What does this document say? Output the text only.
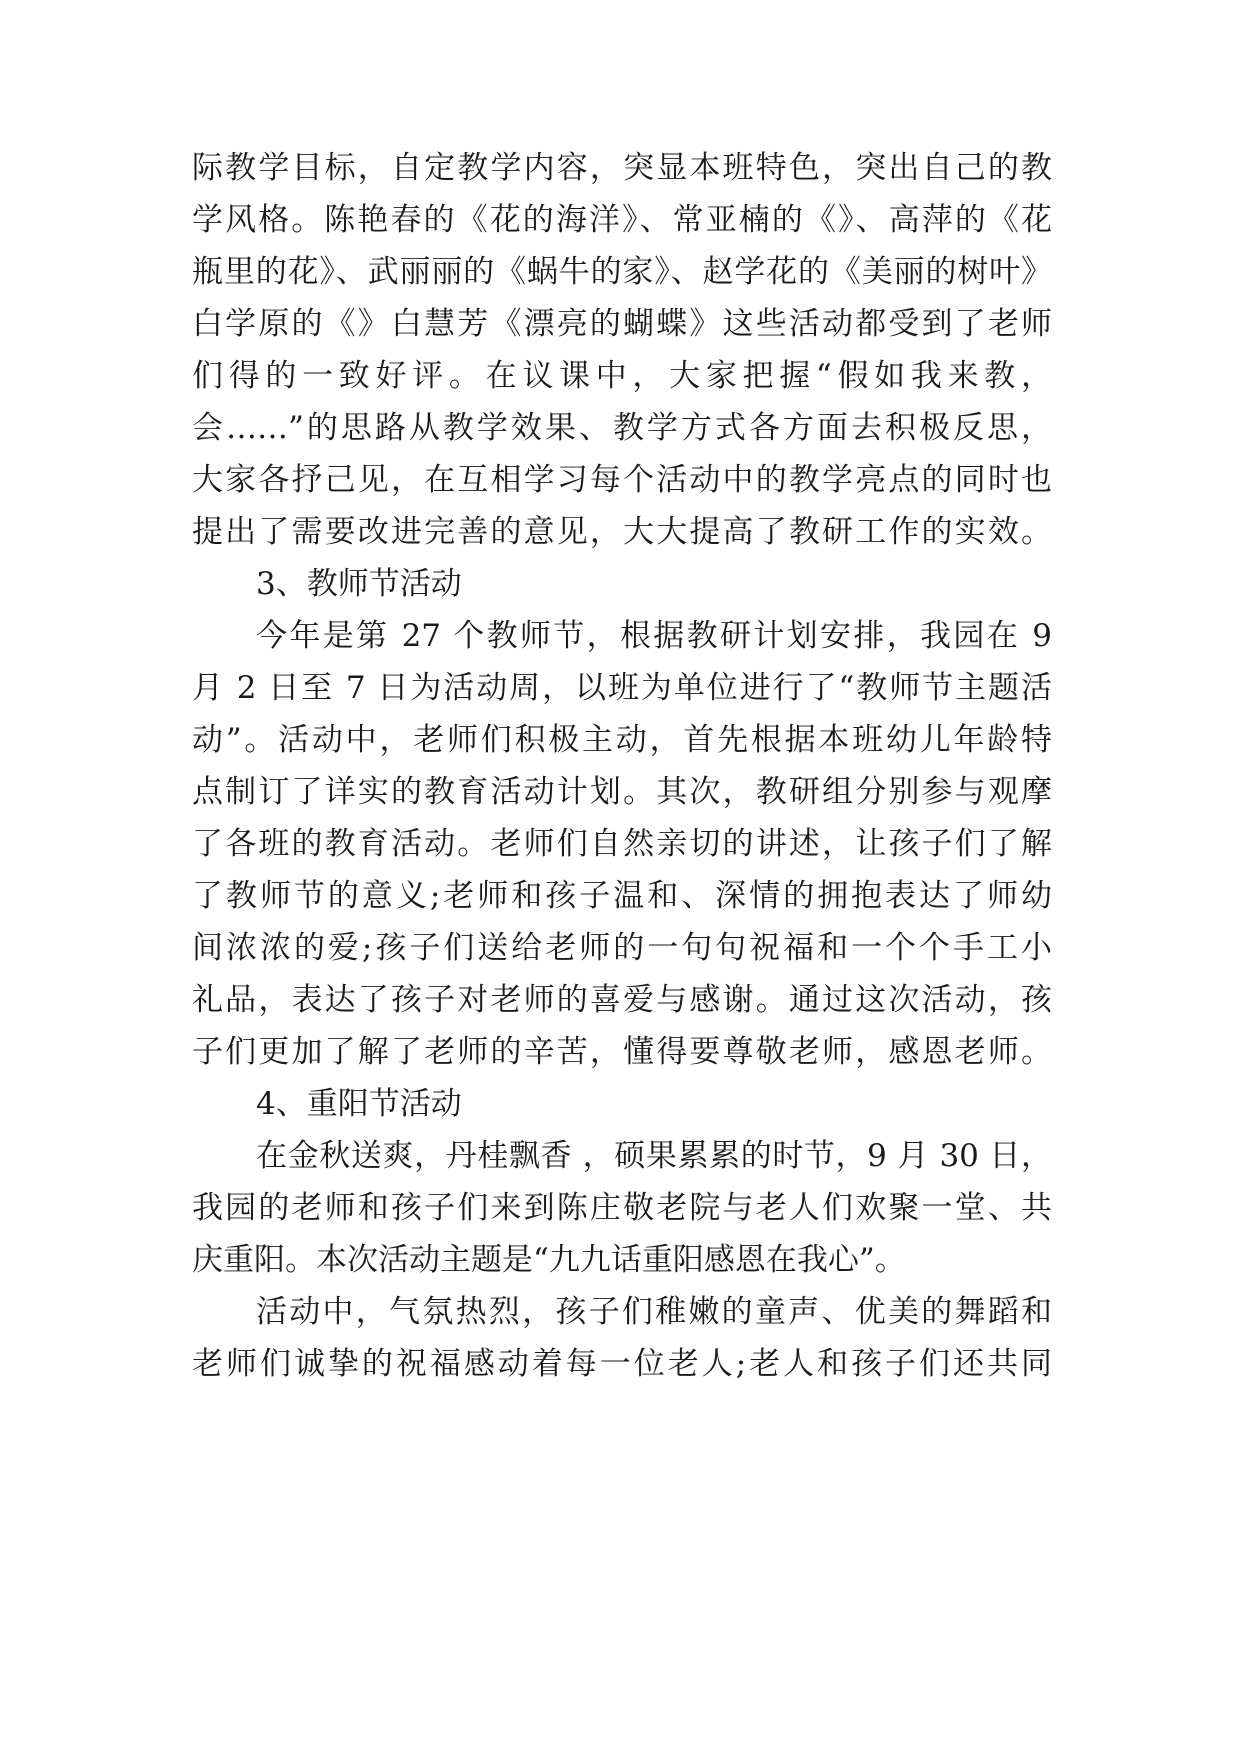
际教学目标，自定教学内容，突显本班特色，突出自己的教
学风格。陈艳春的《花的海洋》、常亚楠的《》、高萍的《花
瓶里的花》、武丽丽的《蜗牛的家》、赵学花的《美丽的树叶》
白学原的《》白慧芳《漂亮的蝴蝶》这些活动都受到了老师
们得的一致好评。在议课中，大家把握“假如我来教，
会……”的思路从教学效果、教学方式各方面去积极反思，
大家各抒己见，在互相学习每个活动中的教学亮点的同时也
提出了需要改进完善的意见，大大提高了教研工作的实效。
3、教师节活动
今年是第 27 个教师节，根据教研计划安排，我园在 9
月 2 日至 7 日为活动周，以班为单位进行了“教师节主题活
动”。活动中，老师们积极主动，首先根据本班幼儿年龄特
点制订了详实的教育活动计划。其次，教研组分别参与观摩
了各班的教育活动。老师们自然亲切的讲述，让孩子们了解
了教师节的意义;老师和孩子温和、深情的拥抱表达了师幼
间浓浓的爱;孩子们送给老师的一句句祝福和一个个手工小
礼品，表达了孩子对老师的喜爱与感谢。通过这次活动，孩
子们更加了解了老师的辛苦，懂得要尊敬老师，感恩老师。
4、重阳节活动
在金秋送爽，丹桂飘香 ，硕果累累的时节，9 月 30 日，
我园的老师和孩子们来到陈庄敬老院与老人们欢聚一堂、共
庆重阳。本次活动主题是“九九话重阳感恩在我心”。
活动中，气氛热烈，孩子们稚嫩的童声、优美的舞蹈和
老师们诚挚的祝福感动着每一位老人;老人和孩子们还共同
